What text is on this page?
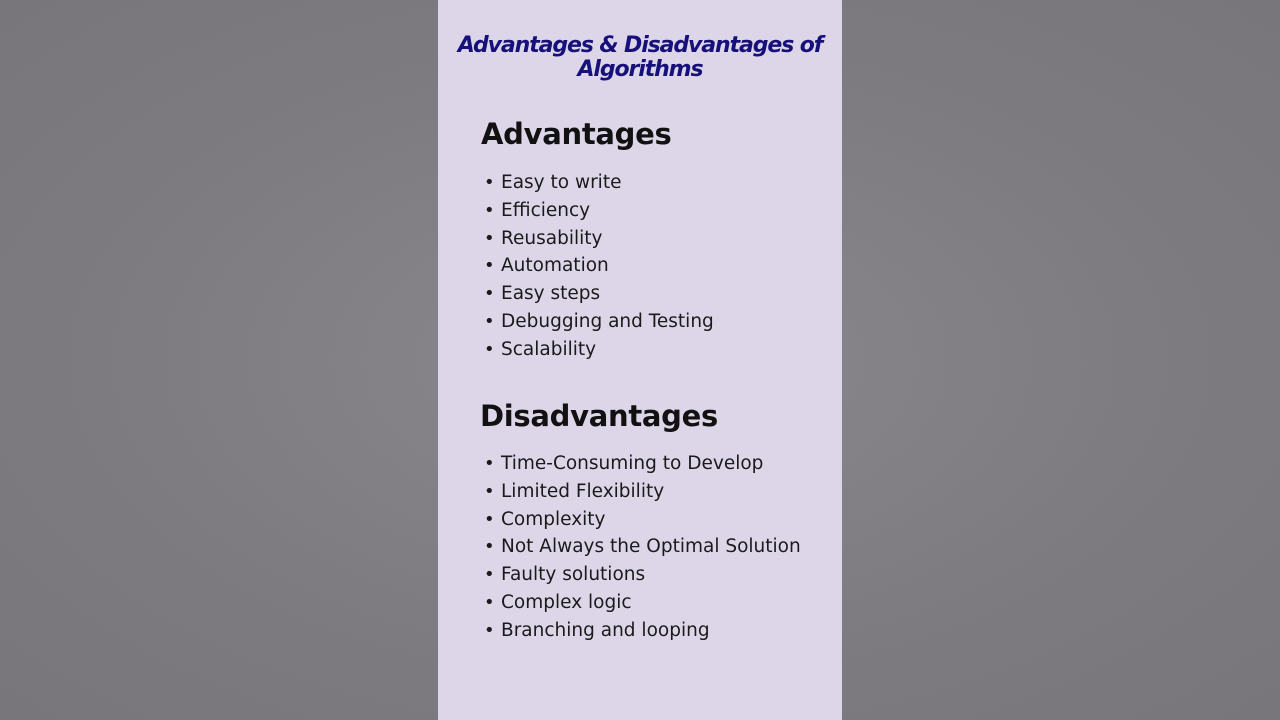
Advantages & Disadvantages of
Algorithms
Advantages
• Easy to write
• Efficiency
• Reusability
• Automation
• Easy steps
• Debugging and Testing
• Scalability
Disadvantages
• Time-Consuming to Develop
• Limited Flexibility
• Complexity
• Not Always the Optimal Solution
• Faulty solutions
• Complex logic
• Branching and looping
